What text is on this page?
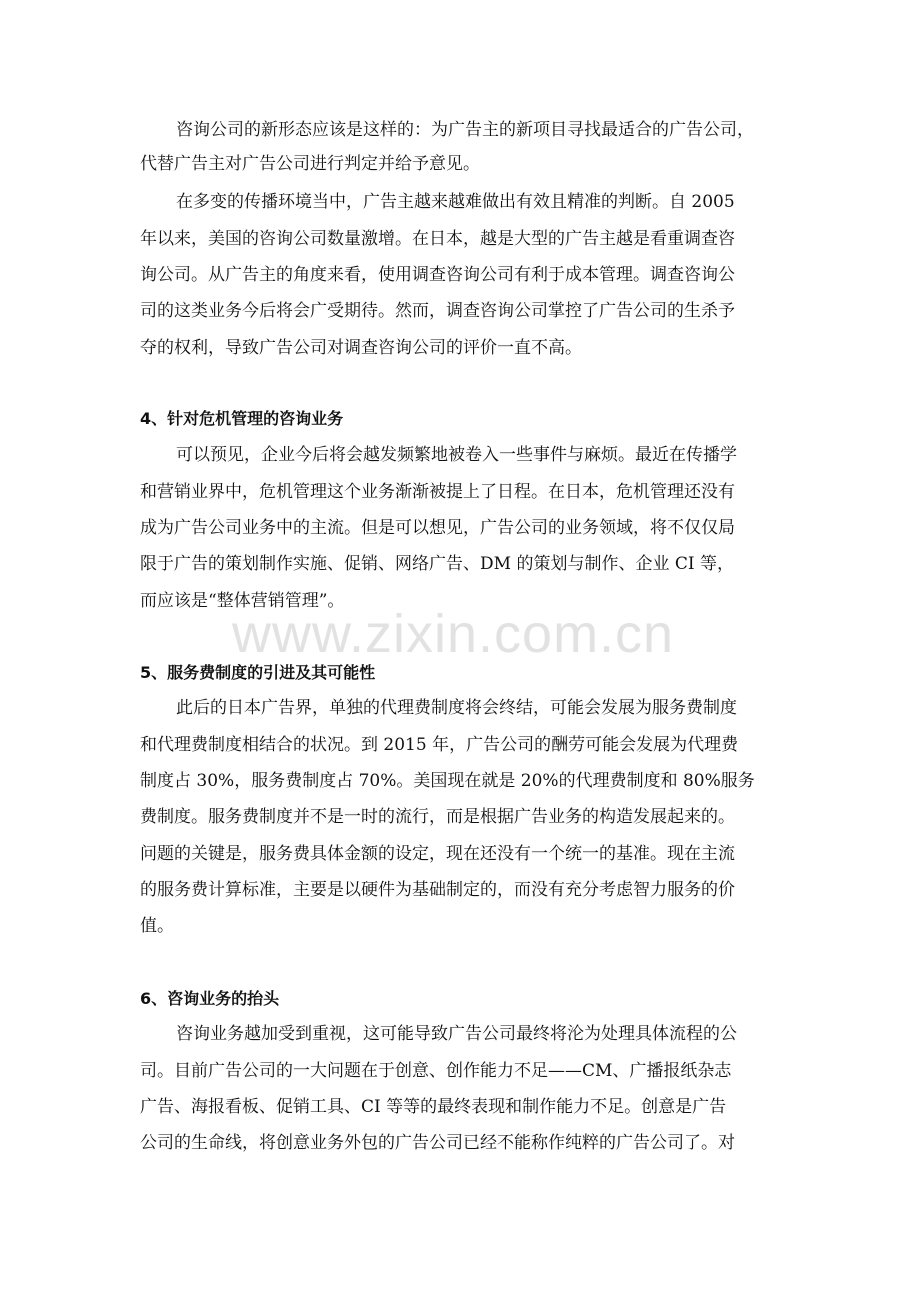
www.zixin.com.cn
咨询公司的新形态应该是这样的：为广告主的新项目寻找最适合的广告公司，
代替广告主对广告公司进行判定并给予意见。
在多变的传播环境当中，广告主越来越难做出有效且精准的判断。自 2005
年以来，美国的咨询公司数量激增。在日本，越是大型的广告主越是看重调查咨
询公司。从广告主的角度来看，使用调查咨询公司有利于成本管理。调查咨询公
司的这类业务今后将会广受期待。然而，调查咨询公司掌控了广告公司的生杀予
夺的权利，导致广告公司对调查咨询公司的评价一直不高。
4、针对危机管理的咨询业务
可以预见，企业今后将会越发频繁地被卷入一些事件与麻烦。最近在传播学
和营销业界中，危机管理这个业务渐渐被提上了日程。在日本，危机管理还没有
成为广告公司业务中的主流。但是可以想见，广告公司的业务领域，将不仅仅局
限于广告的策划制作实施、促销、网络广告、DM 的策划与制作、企业 CI 等，
而应该是“整体营销管理”。
5、服务费制度的引进及其可能性
此后的日本广告界，单独的代理费制度将会终结，可能会发展为服务费制度
和代理费制度相结合的状况。到 2015 年，广告公司的酬劳可能会发展为代理费
制度占 30%，服务费制度占 70%。美国现在就是 20%的代理费制度和 80%服务
费制度。服务费制度并不是一时的流行，而是根据广告业务的构造发展起来的。
问题的关键是，服务费具体金额的设定，现在还没有一个统一的基准。现在主流
的服务费计算标准，主要是以硬件为基础制定的，而没有充分考虑智力服务的价
值。
6、咨询业务的抬头
咨询业务越加受到重视，这可能导致广告公司最终将沦为处理具体流程的公
司。目前广告公司的一大问题在于创意、创作能力不足——CM、广播报纸杂志
广告、海报看板、促销工具、CI 等等的最终表现和制作能力不足。创意是广告
公司的生命线，将创意业务外包的广告公司已经不能称作纯粹的广告公司了。对
